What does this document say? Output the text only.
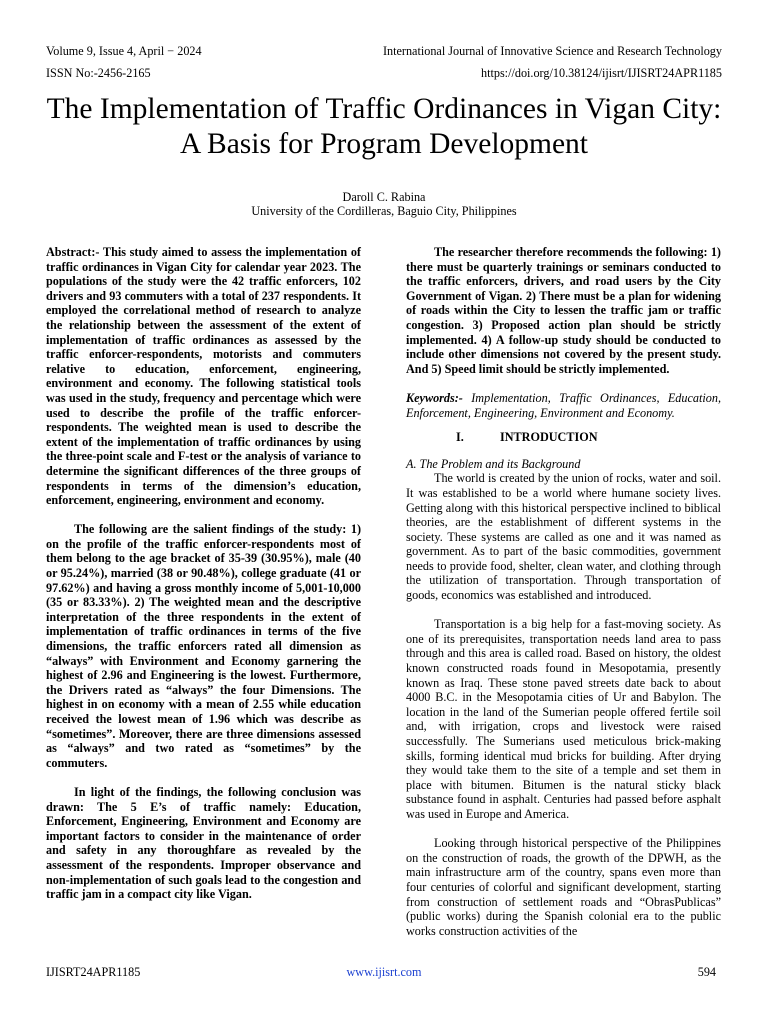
Volume 9, Issue 4, April − 2024	International Journal of Innovative Science and Research Technology
ISSN No:-2456-2165	https://doi.org/10.38124/ijisrt/IJISRT24APR1185
The Implementation of Traffic Ordinances in Vigan City: A Basis for Program Development
Daroll C. Rabina
University of the Cordilleras, Baguio City, Philippines

Abstract:- This study aimed to assess the implementation of traffic ordinances in Vigan City for calendar year 2023. The populations of the study were the 42 traffic enforcers, 102 drivers and 93 commuters with a total of 237 respondents. It employed the correlational method of research to analyze the relationship between the assessment of the extent of implementation of traffic ordinances as assessed by the traffic enforcer-respondents, motorists and commuters relative to education, enforcement, engineering, environment and economy. The following statistical tools was used in the study, frequency and percentage which were used to describe the profile of the traffic enforcer-respondents. The weighted mean is used to describe the extent of the implementation of traffic ordinances by using the three-point scale and F-test or the analysis of variance to determine the significant differences of the three groups of respondents in terms of the dimension’s education, enforcement, engineering, environment and economy.

The following are the salient findings of the study: 1) on the profile of the traffic enforcer-respondents most of them belong to the age bracket of 35-39 (30.95%), male (40 or 95.24%), married (38 or 90.48%), college graduate (41 or 97.62%) and having a gross monthly income of 5,001-10,000 (35 or 83.33%). 2) The weighted mean and the descriptive interpretation of the three respondents in the extent of implementation of traffic ordinances in terms of the five dimensions, the traffic enforcers rated all dimension as “always” with Environment and Economy garnering the highest of 2.96 and Engineering is the lowest. Furthermore, the Drivers rated as “always” the four Dimensions. The highest in on economy with a mean of 2.55 while education received the lowest mean of 1.96 which was describe as “sometimes”. Moreover, there are three dimensions assessed as “always” and two rated as “sometimes” by the commuters.

In light of the findings, the following conclusion was drawn: The 5 E’s of traffic namely: Education, Enforcement, Engineering, Environment and Economy are important factors to consider in the maintenance of order and safety in any thoroughfare as revealed by the assessment of the respondents. Improper observance and non-implementation of such goals lead to the congestion and traffic jam in a compact city like Vigan.

The researcher therefore recommends the following: 1) there must be quarterly trainings or seminars conducted to the traffic enforcers, drivers, and road users by the City Government of Vigan. 2) There must be a plan for widening of roads within the City to lessen the traffic jam or traffic congestion. 3) Proposed action plan should be strictly implemented. 4) A follow-up study should be conducted to include other dimensions not covered by the present study. And 5) Speed limit should be strictly implemented.

Keywords:- Implementation, Traffic Ordinances, Education, Enforcement, Engineering, Environment and Economy.

I.	INTRODUCTION

A. The Problem and its Background

The world is created by the union of rocks, water and soil. It was established to be a world where humane society lives. Getting along with this historical perspective inclined to biblical theories, are the establishment of different systems in the society. These systems are called as one and it was named as government. As to part of the basic commodities, government needs to provide food, shelter, clean water, and clothing through the utilization of transportation. Through transportation of goods, economics was established and introduced.

Transportation is a big help for a fast-moving society. As one of its prerequisites, transportation needs land area to pass through and this area is called road. Based on history, the oldest known constructed roads found in Mesopotamia, presently known as Iraq. These stone paved streets date back to about 4000 B.C. in the Mesopotamia cities of Ur and Babylon. The location in the land of the Sumerian people offered fertile soil and, with irrigation, crops and livestock were raised successfully. The Sumerians used meticulous brick-making skills, forming identical mud bricks for building. After drying they would take them to the site of a temple and set them in place with bitumen. Bitumen is the natural sticky black substance found in asphalt. Centuries had passed before asphalt was used in Europe and America.

Looking through historical perspective of the Philippines on the construction of roads, the growth of the DPWH, as the main infrastructure arm of the country, spans even more than four centuries of colorful and significant development, starting from construction of settlement roads and “ObrasPublicas” (public works) during the Spanish colonial era to the public works construction activities of the

IJISRT24APR1185	www.ijisrt.com	594
